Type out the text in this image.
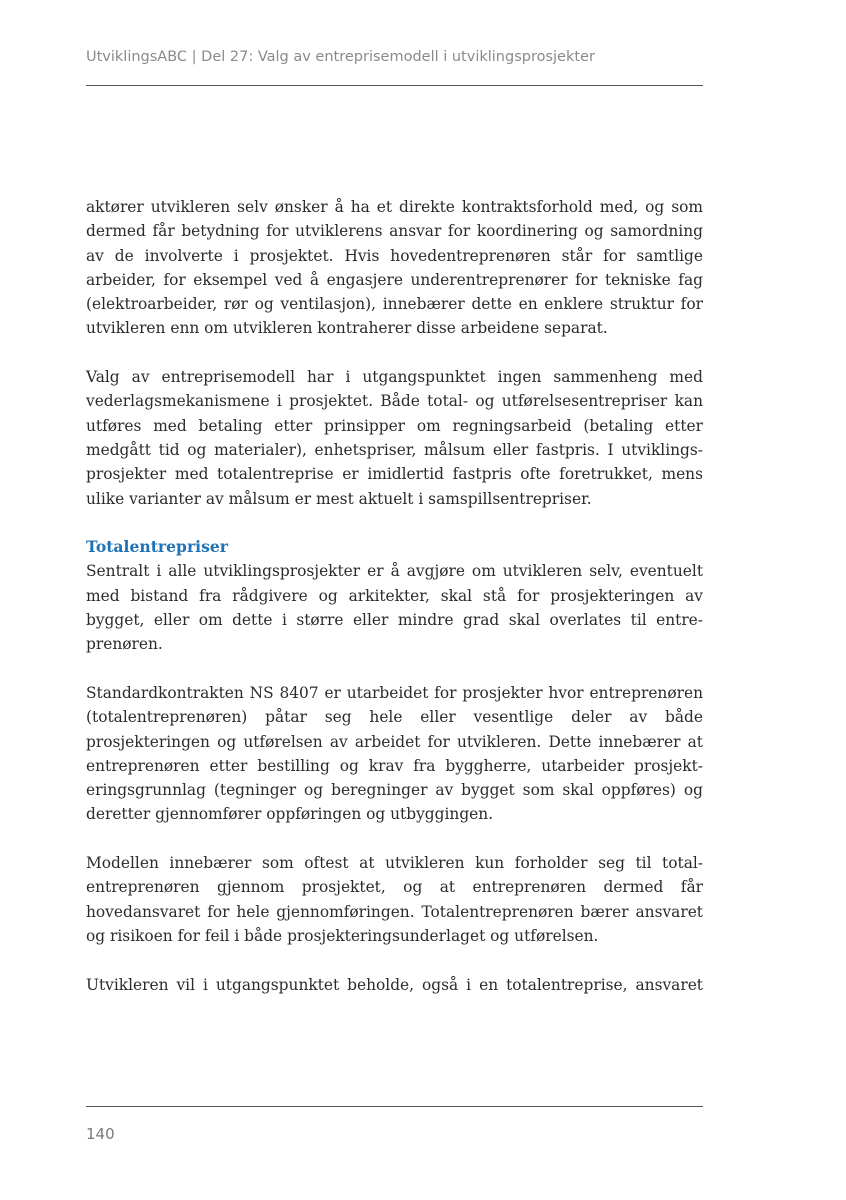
UtviklingsABC | Del 27: Valg av entreprisemodell i utviklingsprosjekter

aktører utvikleren selv ønsker å ha et direkte kontraktsforhold med, og som dermed får betydning for utviklerens ansvar for koordinering og samordning av de involverte i prosjektet. Hvis hovedentreprenøren står for samtlige arbeider, for eksempel ved å engasjere underentreprenører for tekniske fag (elektroarbeider, rør og ventilasjon), innebærer dette en enklere struktur for utvikleren enn om utvikleren kontraherer disse arbeidene separat.

Valg av entreprisemodell har i utgangspunktet ingen sammenheng med vederlagsmekanismene i prosjektet. Både total- og utførelsesentrepriser kan utføres med betaling etter prinsipper om regningsarbeid (betaling etter medgått tid og materialer), enhetspriser, målsum eller fastpris. I utviklingsprosjekter med totalentreprise er imidlertid fastpris ofte foretrukket, mens ulike varianter av målsum er mest aktuelt i samspillsentrepriser.

Totalentrepriser

Sentralt i alle utviklingsprosjekter er å avgjøre om utvikleren selv, eventuelt med bistand fra rådgivere og arkitekter, skal stå for prosjekteringen av bygget, eller om dette i større eller mindre grad skal overlates til entreprenøren.

Standardkontrakten NS 8407 er utarbeidet for prosjekter hvor entreprenøren (totalentreprenøren) påtar seg hele eller vesentlige deler av både prosjekteringen og utførelsen av arbeidet for utvikleren. Dette innebærer at entreprenøren etter bestilling og krav fra byggherre, utarbeider prosjekteringsgrunnlag (tegninger og beregninger av bygget som skal oppføres) og deretter gjennomfører oppføringen og utbyggingen.

Modellen innebærer som oftest at utvikleren kun forholder seg til totalentreprenøren gjennom prosjektet, og at entreprenøren dermed får hovedansvaret for hele gjennomføringen. Totalentreprenøren bærer ansvaret og risikoen for feil i både prosjekteringsunderlaget og utførelsen.

Utvikleren vil i utgangspunktet beholde, også i en totalentreprise, ansvaret

140
